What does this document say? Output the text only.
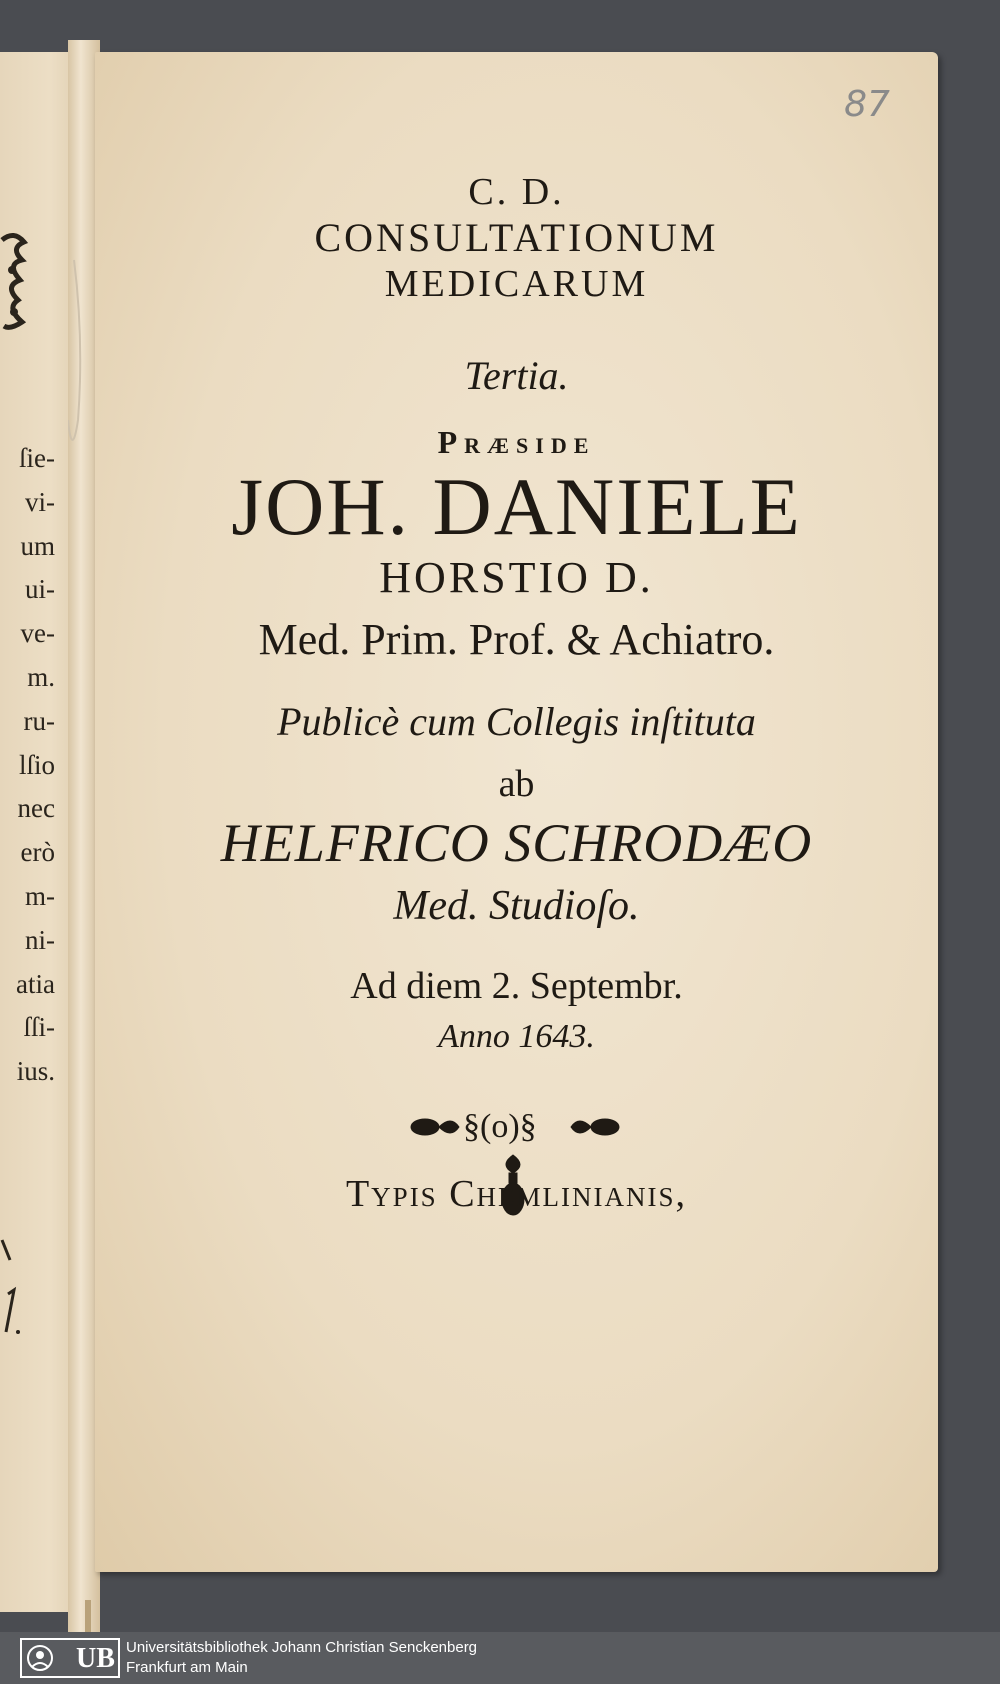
ſie-
vi-
um
ui-
ve-
m.
ru-
lſio
nec
erò
m-
ni-
atia
ſſi-
ius.
87
C. D.
CONSULTATIONUM
MEDICARUM
Tertia.
Præside
JOH. DANIELE
HORSTIO D.
Med. Prim. Prof. & Achiatro.
Publicè cum Collegis inſtituta
ab
HELFRICO SCHRODÆO
Med. Studioſo.
Ad diem 2. Septembr.
Anno 1643.
§(o)§
Typis Chemlinianis,
UB Universitätsbibliothek Johann Christian Senckenberg
Frankfurt am Main
